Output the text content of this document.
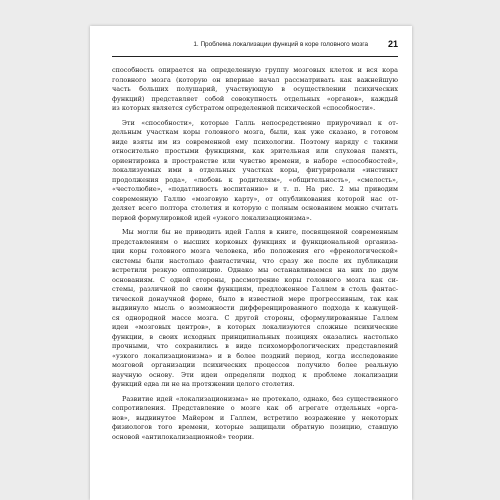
1. Проблема локализации функций в коре головного мозга 21
способность опирается на определенную группу мозговых клеток и вся кора
головного мозга (которую он впервые начал рассматривать как важнейшую
часть больших полушарий, участвующую в осуществлении психических
функций) представляет собой совокупность отдельных «органов», каждый
из которых является субстратом определенной психической «способности».
Эти «способности», которые Галль непосредственно приурочивал к от-
дельным участкам коры головного мозга, были, как уже сказано, в готовом
виде взяты им из современной ему психологии. Поэтому наряду с такими
относительно простыми функциями, как зрительная или слуховая память,
ориентировка в пространстве или чувство времени, в наборе «способностей»,
локализуемых ими в отдельных участках коры, фигурировали «инстинкт
продолжения рода», «любовь к родителям», «общительность», «смелость»,
«честолюбие», «податливость воспитанию» и т. п. На рис. 2 мы приводим
современную Галлю «мозговую карту», от опубликования которой нас от-
деляет всего полтора столетия и которую с полным основанием можно считать
первой формулировкой идей «узкого локализационизма».
Мы могли бы не приводить идей Галля в книге, посвященной современным
представлениям о высших корковых функциях и функциональной организа-
ции коры головного мозга человека, ибо положения его «френологической»
системы были настолько фантастичны, что сразу же после их публикации
встретили резкую оппозицию. Однако мы останавливаемся на них по двум
основаниям. С одной стороны, рассмотрение коры головного мозга как си-
стемы, различной по своим функциям, предложенное Галлем в столь фантас-
тической донаучной форме, было в известной мере прогрессивным, так как
выдвинуло мысль о возможности дифференцированного подхода к кажущей-
ся однородной массе мозга. С другой стороны, сформулированные Галлем
идеи «мозговых центров», в которых локализуются сложные психические
функции, в своих исходных принципиальных позициях оказались настолько
прочными, что сохранились в виде психоморфологических представлений
«узкого локализационизма» и в более поздний период, когда исследование
мозговой организации психических процессов получило более реальную
научную основу. Эти идеи определяли подход к проблеме локализации
функций едва ли не на протяжении целого столетия.
Развитие идей «локализационизма» не протекало, однако, без существенного
сопротивления. Представление о мозге как об агрегате отдельных «орга-
нов», выдвинутое Майером и Галлем, встретило возражение у некоторых
физиологов того времени, которые защищали обратную позицию, ставшую
основой «антилокализационной» теории.
